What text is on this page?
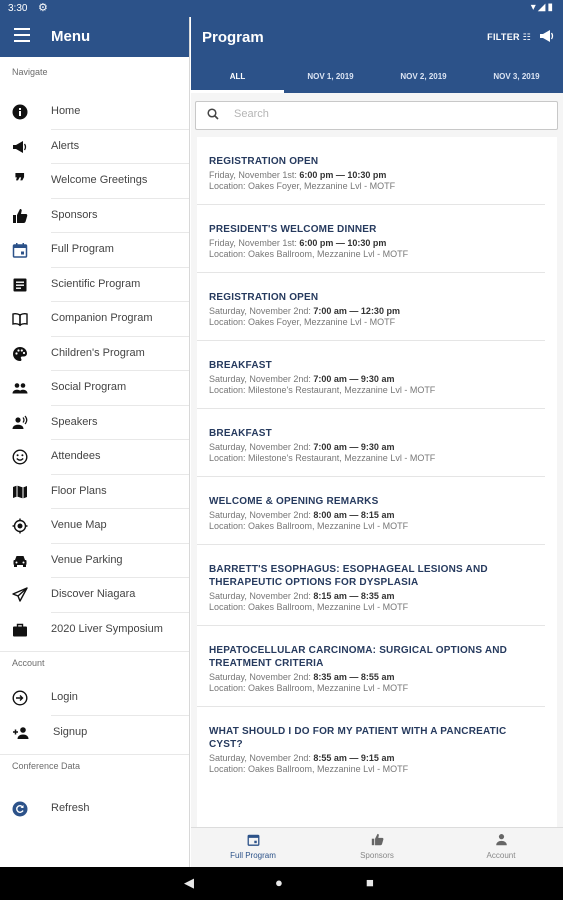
3:30 ⚙	▾◢▮
Menu
Navigate
Home
Alerts
❞ Welcome Greetings
Sponsors
Full Program
Scientific Program
Companion Program
Children's Program
Social Program
Speakers
Attendees
Floor Plans
Venue Map
Venue Parking
Discover Niagara
2020 Liver Symposium
Account
Login
Signup
Conference Data
Refresh
Program	FILTER ☷
ALL	NOV 1, 2019	NOV 2, 2019	NOV 3, 2019
Search
REGISTRATION OPEN
Friday, November 1st: 6:00 pm — 10:30 pm
Location: Oakes Foyer, Mezzanine Lvl - MOTF
PRESIDENT'S WELCOME DINNER
Friday, November 1st: 6:00 pm — 10:30 pm
Location: Oakes Ballroom, Mezzanine Lvl - MOTF
REGISTRATION OPEN
Saturday, November 2nd: 7:00 am — 12:30 pm
Location: Oakes Foyer, Mezzanine Lvl - MOTF
BREAKFAST
Saturday, November 2nd: 7:00 am — 9:30 am
Location: Milestone's Restaurant, Mezzanine Lvl - MOTF
BREAKFAST
Saturday, November 2nd: 7:00 am — 9:30 am
Location: Milestone's Restaurant, Mezzanine Lvl - MOTF
WELCOME & OPENING REMARKS
Saturday, November 2nd: 8:00 am — 8:15 am
Location: Oakes Ballroom, Mezzanine Lvl - MOTF
BARRETT'S ESOPHAGUS: ESOPHAGEAL LESIONS AND THERAPEUTIC OPTIONS FOR DYSPLASIA
Saturday, November 2nd: 8:15 am — 8:35 am
Location: Oakes Ballroom, Mezzanine Lvl - MOTF
HEPATOCELLULAR CARCINOMA: SURGICAL OPTIONS AND TREATMENT CRITERIA
Saturday, November 2nd: 8:35 am — 8:55 am
Location: Oakes Ballroom, Mezzanine Lvl - MOTF
WHAT SHOULD I DO FOR MY PATIENT WITH A PANCREATIC CYST?
Saturday, November 2nd: 8:55 am — 9:15 am
Location: Oakes Ballroom, Mezzanine Lvl - MOTF
Full Program	Sponsors	Account
◀	●	■
